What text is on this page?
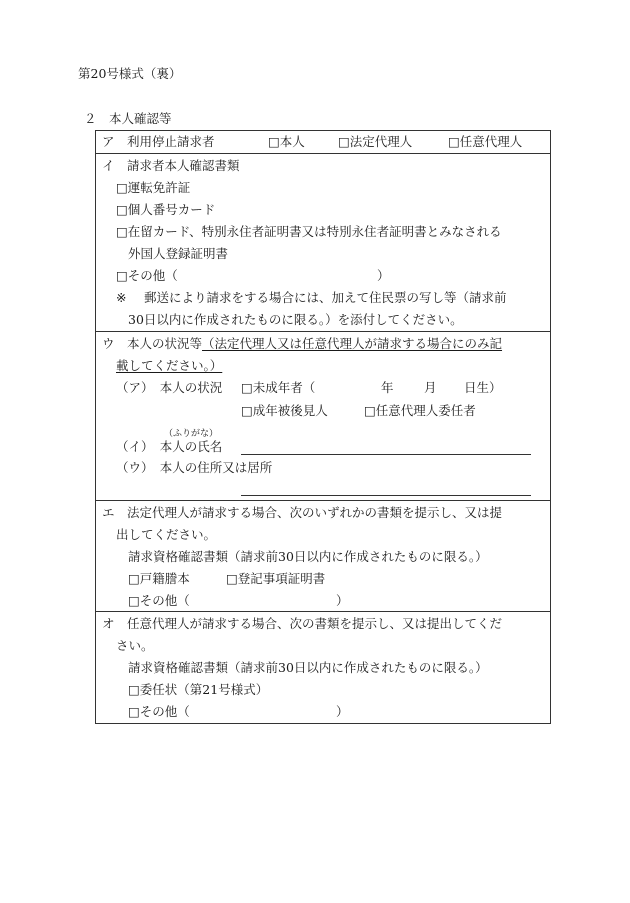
第20号様式（裏）
２　本人確認等
ア　利用停止請求者	□本人	□法定代理人	□任意代理人
イ　請求者本人確認書類
□運転免許証
□個人番号カード
□在留カード、特別永住者証明書又は特別永住者証明書とみなされる
外国人登録証明書
□その他（	）
※ 郵送により請求をする場合には、加えて住民票の写し等（請求前
30日以内に作成されたものに限る。）を添付してください。
ウ　本人の状況等（法定代理人又は任意代理人が請求する場合にのみ記
載してください。）
（ア）　本人の状況 □未成年者（	年 月 日生）
□成年被後見人	□任意代理人委任者
（ふりがな）
（イ）　本人の氏名
（ウ）　本人の住所又は居所
エ　法定代理人が請求する場合、次のいずれかの書類を提示し、又は提
出してください。
請求資格確認書類（請求前30日以内に作成されたものに限る。）
□戸籍謄本	□登記事項証明書
□その他（	）
オ　任意代理人が請求する場合、次の書類を提示し、又は提出してくだ
さい。
請求資格確認書類（請求前30日以内に作成されたものに限る。）
□委任状（第21号様式）
□その他（	）
